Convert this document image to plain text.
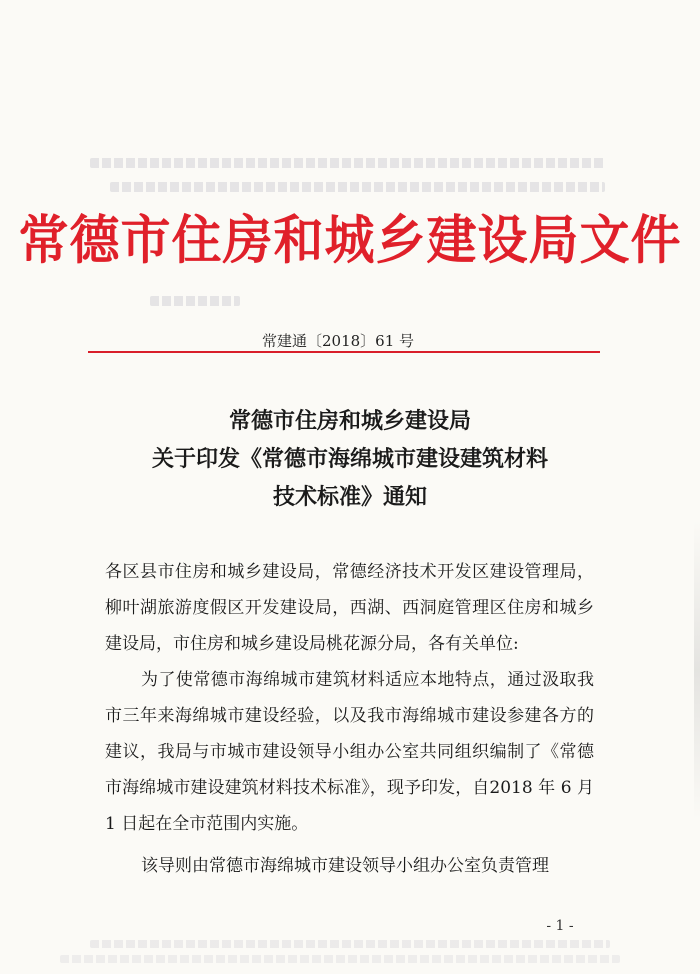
常德市住房和城乡建设局文件
常建通〔2018〕61 号
常德市住房和城乡建设局
关于印发《常德市海绵城市建设建筑材料
技术标准》通知

各区县市住房和城乡建设局，常德经济技术开发区建设管理局，柳叶湖旅游度假区开发建设局，西湖、西洞庭管理区住房和城乡建设局，市住房和城乡建设局桃花源分局，各有关单位:

为了使常德市海绵城市建筑材料适应本地特点，通过汲取我市三年来海绵城市建设经验，以及我市海绵城市建设参建各方的建议，我局与市城市建设领导小组办公室共同组织编制了《常德市海绵城市建设建筑材料技术标准》，现予印发，自2018 年 6 月 1 日起在全市范围内实施。

该导则由常德市海绵城市建设领导小组办公室负责管理

- 1 -
